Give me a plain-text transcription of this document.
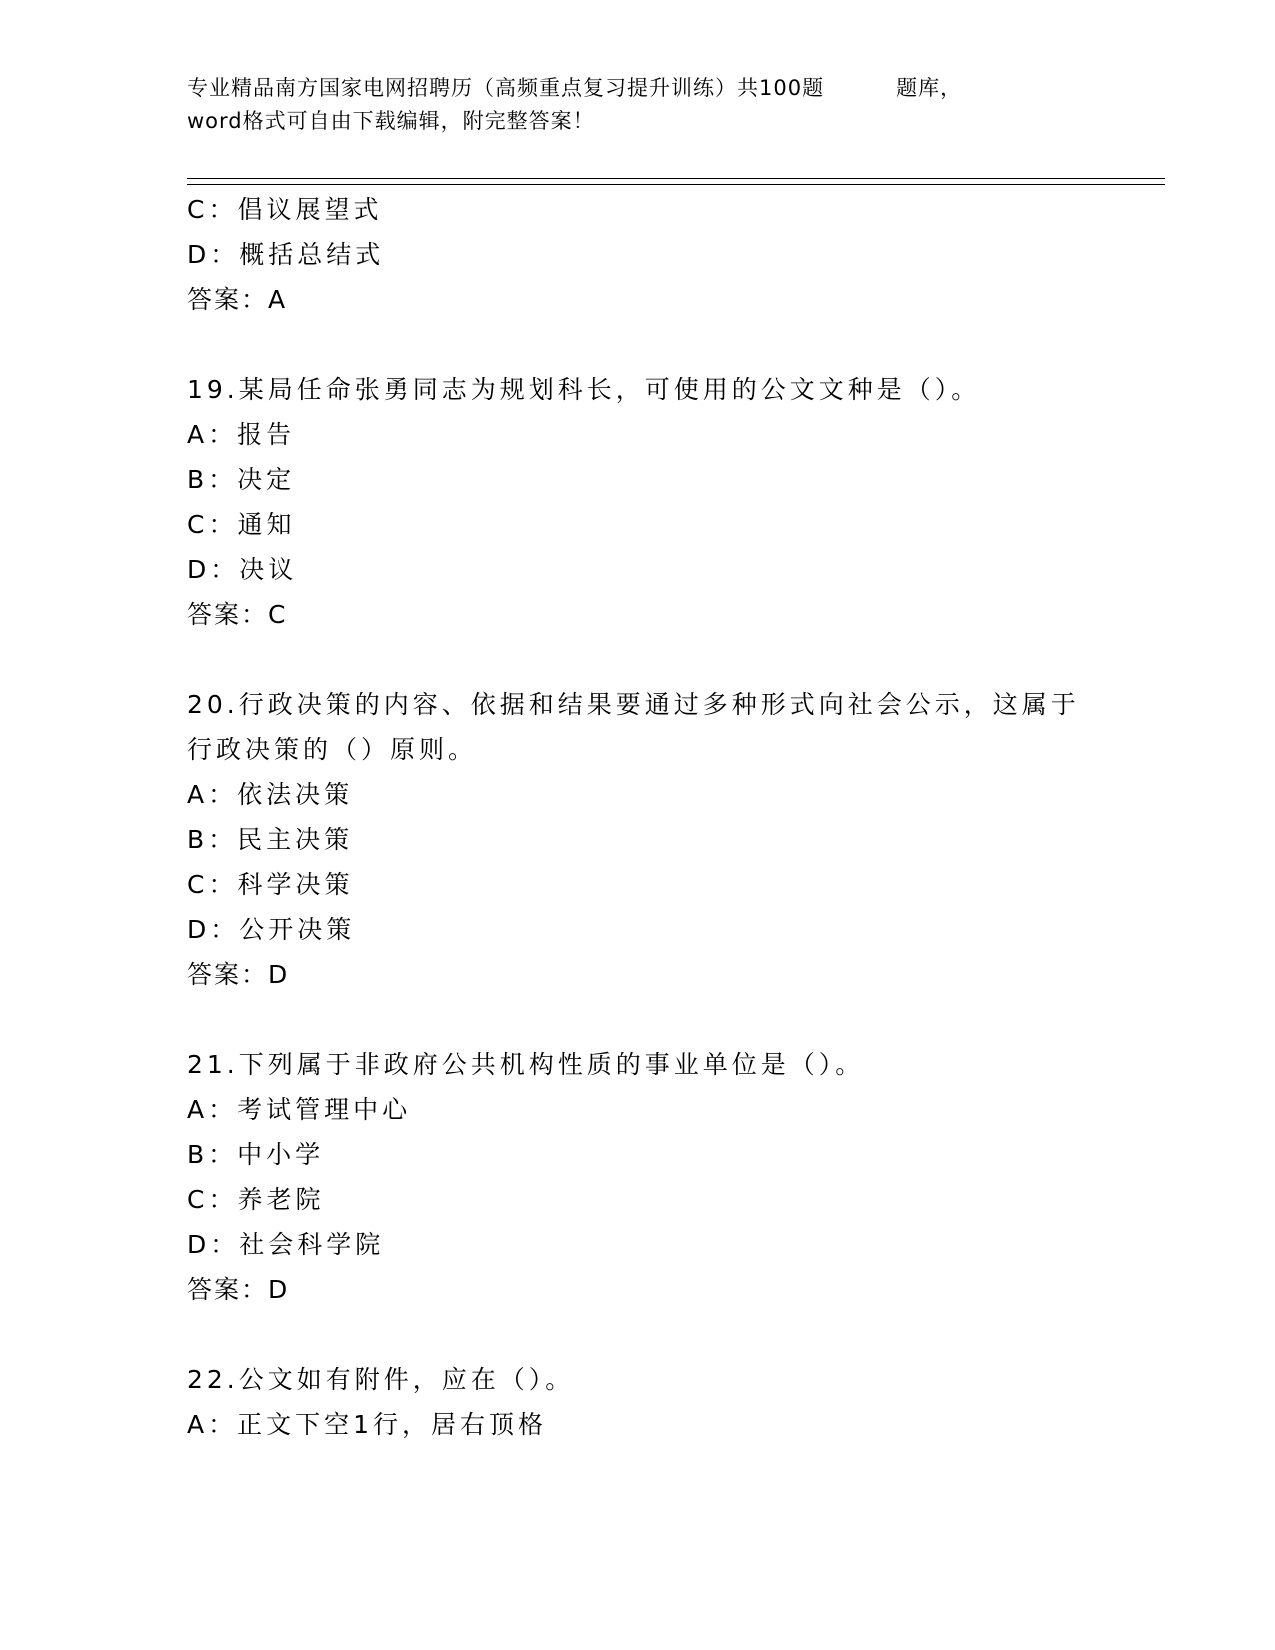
专业精品南方国家电网招聘历（高频重点复习提升训练）共100题	题库，
word格式可自由下载编辑，附完整答案！
C：倡议展望式
D：概括总结式
答案：A
19.某局任命张勇同志为规划科长，可使用的公文文种是（）。
A：报告
B：决定
C：通知
D：决议
答案：C
20.行政决策的内容、依据和结果要通过多种形式向社会公示，这属于
行政决策的（）原则。
A：依法决策
B：民主决策
C：科学决策
D：公开决策
答案：D
21.下列属于非政府公共机构性质的事业单位是（）。
A：考试管理中心
B：中小学
C：养老院
D：社会科学院
答案：D
22.公文如有附件，应在（）。
A：正文下空1行，居右顶格
